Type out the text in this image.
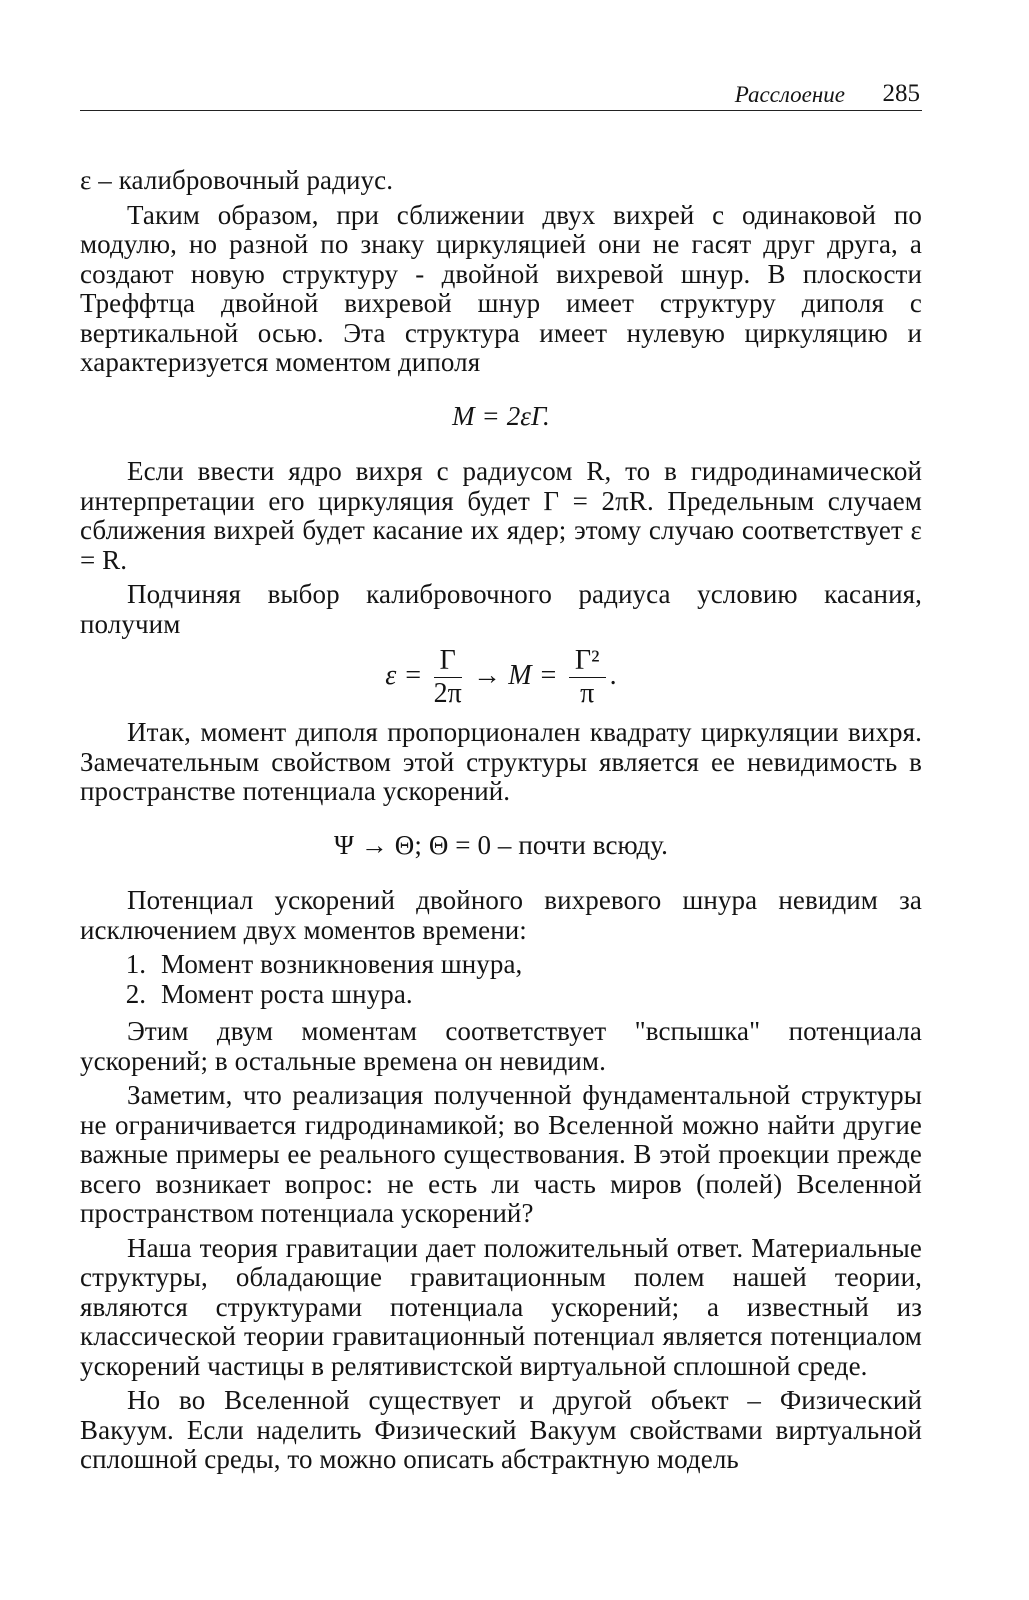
Расслоение 285

ε – калибровочный радиус.

Таким образом, при сближении двух вихрей с одинаковой по модулю, но разной по знаку циркуляцией они не гасят друг друга, а создают новую структуру - двойной вихревой шнур. В плоскости Треффтца двойной вихревой шнур имеет структуру диполя с вертикальной осью. Эта структура имеет нулевую циркуляцию и характеризуется моментом диполя

M = 2εΓ.

Если ввести ядро вихря с радиусом R, то в гидродинамической интерпретации его циркуляция будет Γ = 2πR. Предельным случаем сближения вихрей будет касание их ядер; этому случаю соответствует ε = R.

Подчиняя выбор калибровочного радиуса условию касания, получим

$\varepsilon = \frac{\Gamma}{2\pi} \to M = \frac{\text{Γ²}}{\pi}$ .

Итак, момент диполя пропорционален квадрату циркуляции вихря. Замечательным свойством этой структуры является ее невидимость в пространстве потенциала ускорений.

Ψ → Θ; Θ = 0 – почти всюду.

Потенциал ускорений двойного вихревого шнура невидим за исключением двух моментов времени:

1. Момент возникновения шнура,
2. Момент роста шнура.

Этим двум моментам соответствует "вспышка" потенциала ускорений; в остальные времена он невидим.

Заметим, что реализация полученной фундаментальной структуры не ограничивается гидродинамикой; во Вселенной можно найти другие важные примеры ее реального существования. В этой проекции прежде всего возникает вопрос: не есть ли часть миров (полей) Вселенной пространством потенциала ускорений?

Наша теория гравитации дает положительный ответ. Материальные структуры, обладающие гравитационным полем нашей теории, являются структурами потенциала ускорений; а известный из классической теории гравитационный потенциал является потенциалом ускорений частицы в релятивистской виртуальной сплошной среде.

Но во Вселенной существует и другой объект – Физический Вакуум. Если наделить Физический Вакуум свойствами виртуальной сплошной среды, то можно описать абстрактную модель
